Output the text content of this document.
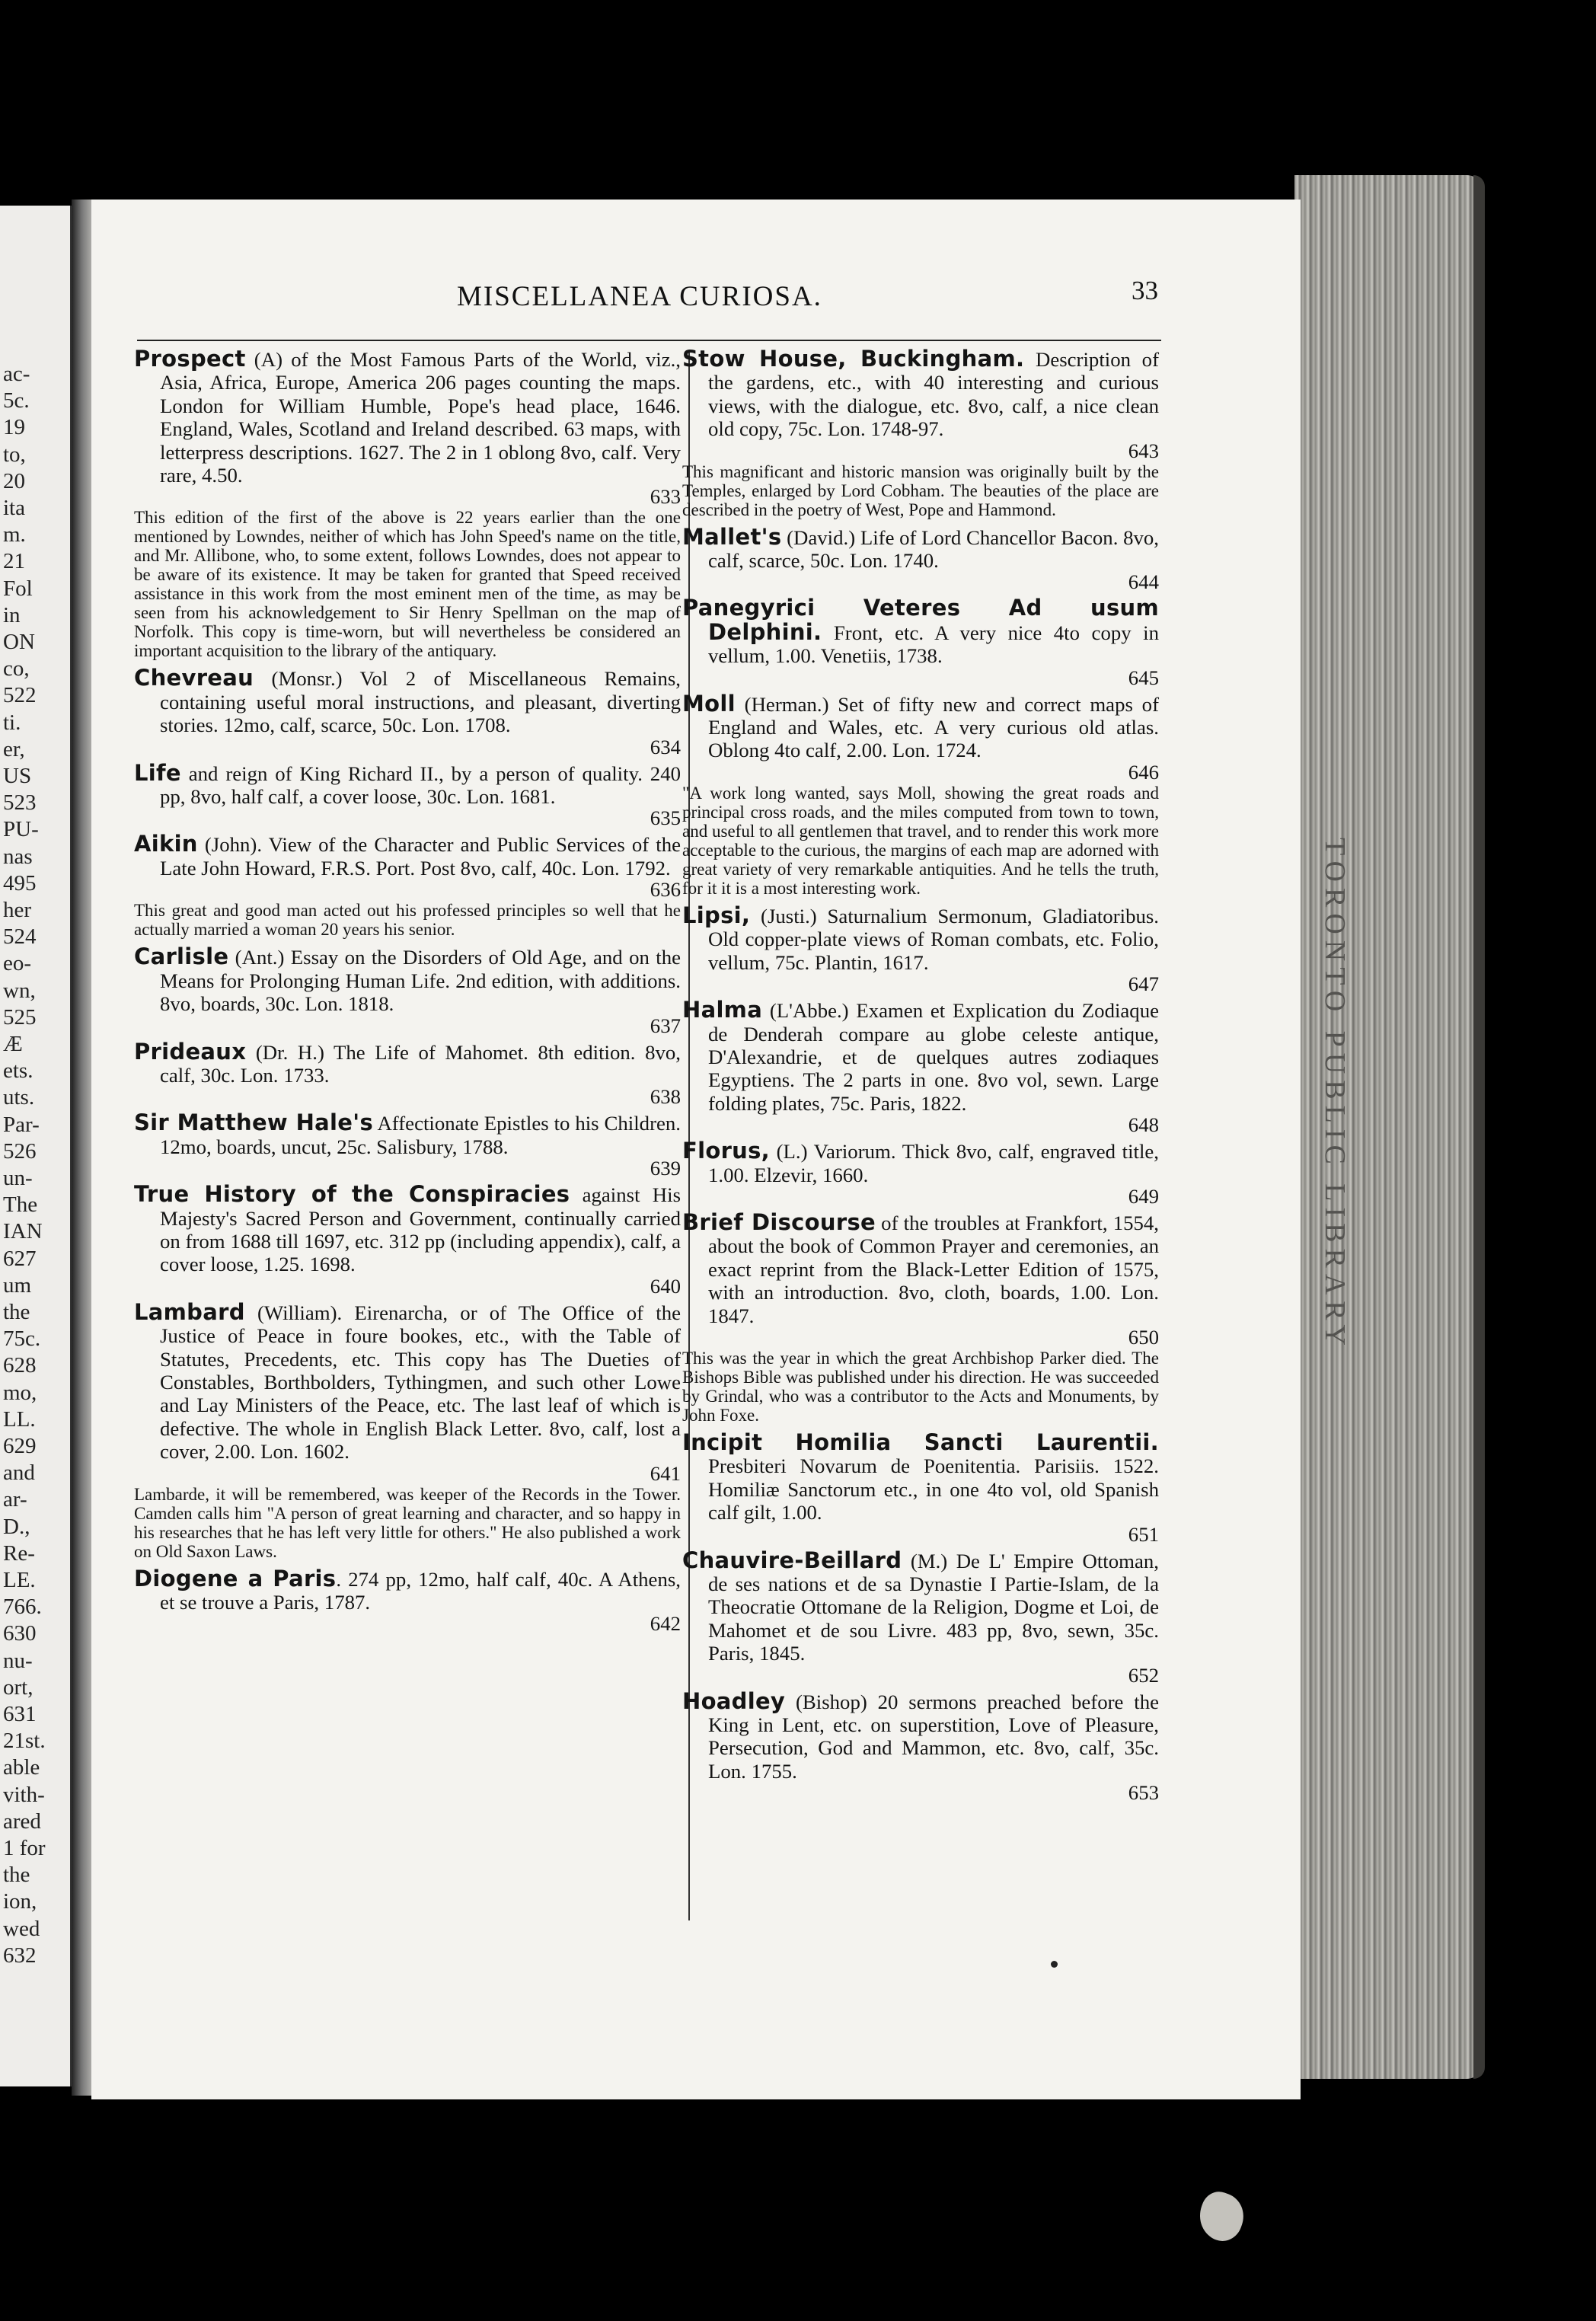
ac-
5c.
19
to,
20
ita
m.
21
Fol
in
ON
co,
522
ti.
er,
US
523
PU-
nas
495
her
524
eo-
wn,
525
Æ
ets.
uts.
Par-
526
un-
The
IAN
627
um
the
75c.
628
mo,
LL.
629
and
ar-
D.,
Re-
LE.
766.
630
nu-
ort,
631
21st.
able
vith-
ared
1 for
the
ion,
wed
632
TORONTO PUBLIC LIBRARY
MISCELLANEA CURIOSA.	33

Prospect (A) of the Most Famous Parts of the World, viz., Asia, Africa, Europe, America 206 pages counting the maps. London for William Humble, Pope's head place, 1646. England, Wales, Scotland and Ireland described. 63 maps, with letterpress descriptions. 1627. The 2 in 1 oblong 8vo, calf. Very rare, 4.50.

633
This edition of the first of the above is 22 years earlier than the one mentioned by Lowndes, neither of which has John Speed's name on the title, and Mr. Allibone, who, to some extent, follows Lowndes, does not appear to be aware of its existence. It may be taken for granted that Speed received assistance in this work from the most eminent men of the time, as may be seen from his acknowledgement to Sir Henry Spellman on the map of Norfolk. This copy is time-worn, but will nevertheless be considered an important acquisition to the library of the antiquary.

Chevreau (Monsr.) Vol 2 of Miscellaneous Remains, containing useful moral instructions, and pleasant, diverting stories. 12mo, calf, scarce, 50c. Lon. 1708.

634

Life and reign of King Richard II., by a person of quality. 240 pp, 8vo, half calf, a cover loose, 30c. Lon. 1681.

635

Aikin (John). View of the Character and Public Services of the Late John Howard, F.R.S. Port. Post 8vo, calf, 40c. Lon. 1792.

636
This great and good man acted out his professed principles so well that he actually married a woman 20 years his senior.

Carlisle (Ant.) Essay on the Disorders of Old Age, and on the Means for Prolonging Human Life. 2nd edition, with additions. 8vo, boards, 30c. Lon. 1818.

637

Prideaux (Dr. H.) The Life of Mahomet. 8th edition. 8vo, calf, 30c. Lon. 1733.

638

Sir Matthew Hale's Affectionate Epistles to his Children. 12mo, boards, uncut, 25c. Salisbury, 1788.

639

True History of the Conspiracies against His Majesty's Sacred Person and Government, continually carried on from 1688 till 1697, etc. 312 pp (including appendix), calf, a cover loose, 1.25. 1698.

640

Lambard (William). Eirenarcha, or of The Office of the Justice of Peace in foure bookes, etc., with the Table of Statutes, Precedents, etc. This copy has The Dueties of Constables, Borthbolders, Tythingmen, and such other Lowe and Lay Ministers of the Peace, etc. The last leaf of which is defective. The whole in English Black Letter. 8vo, calf, lost a cover, 2.00. Lon. 1602.

641
Lambarde, it will be remembered, was keeper of the Records in the Tower. Camden calls him "A person of great learning and character, and so happy in his researches that he has left very little for others." He also published a work on Old Saxon Laws.

Diogene a Paris. 274 pp, 12mo, half calf, 40c. A Athens, et se trouve a Paris, 1787.

642

Stow House, Buckingham. Description of the gardens, etc., with 40 interesting and curious views, with the dialogue, etc. 8vo, calf, a nice clean old copy, 75c. Lon. 1748-97.

643
This magnificant and historic mansion was originally built by the Temples, enlarged by Lord Cobham. The beauties of the place are described in the poetry of West, Pope and Hammond.

Mallet's (David.) Life of Lord Chancellor Bacon. 8vo, calf, scarce, 50c. Lon. 1740.

644

Panegyrici Veteres Ad usum Delphini. Front, etc. A very nice 4to copy in vellum, 1.00. Venetiis, 1738.

645

Moll (Herman.) Set of fifty new and correct maps of England and Wales, etc. A very curious old atlas. Oblong 4to calf, 2.00. Lon. 1724.

646
"A work long wanted, says Moll, showing the great roads and principal cross roads, and the miles computed from town to town, and useful to all gentlemen that travel, and to render this work more acceptable to the curious, the margins of each map are adorned with great variety of very remarkable antiquities. And he tells the truth, for it it is a most interesting work.

Lipsi, (Justi.) Saturnalium Sermonum, Gladiatoribus. Old copper-plate views of Roman combats, etc. Folio, vellum, 75c. Plantin, 1617.

647

Halma (L'Abbe.) Examen et Explication du Zodiaque de Denderah compare au globe celeste antique, D'Alexandrie, et de quelques autres zodiaques Egyptiens. The 2 parts in one. 8vo vol, sewn. Large folding plates, 75c. Paris, 1822.

648

Florus, (L.) Variorum. Thick 8vo, calf, engraved title, 1.00. Elzevir, 1660.

649

Brief Discourse of the troubles at Frankfort, 1554, about the book of Common Prayer and ceremonies, an exact reprint from the Black-Letter Edition of 1575, with an introduction. 8vo, cloth, boards, 1.00. Lon. 1847.

650
This was the year in which the great Archbishop Parker died. The Bishops Bible was published under his direction. He was succeeded by Grindal, who was a contributor to the Acts and Monuments, by John Foxe.

Incipit Homilia Sancti Laurentii. Presbiteri Novarum de Poenitentia. Parisiis. 1522. Homiliæ Sanctorum etc., in one 4to vol, old Spanish calf gilt, 1.00.

651

Chauvire-Beillard (M.) De L' Empire Ottoman, de ses nations et de sa Dynastie I Partie-Islam, de la Theocratie Ottomane de la Religion, Dogme et Loi, de Mahomet et de sou Livre. 483 pp, 8vo, sewn, 35c. Paris, 1845.

652

Hoadley (Bishop) 20 sermons preached before the King in Lent, etc. on superstition, Love of Pleasure, Persecution, God and Mammon, etc. 8vo, calf, 35c. Lon. 1755.

653
